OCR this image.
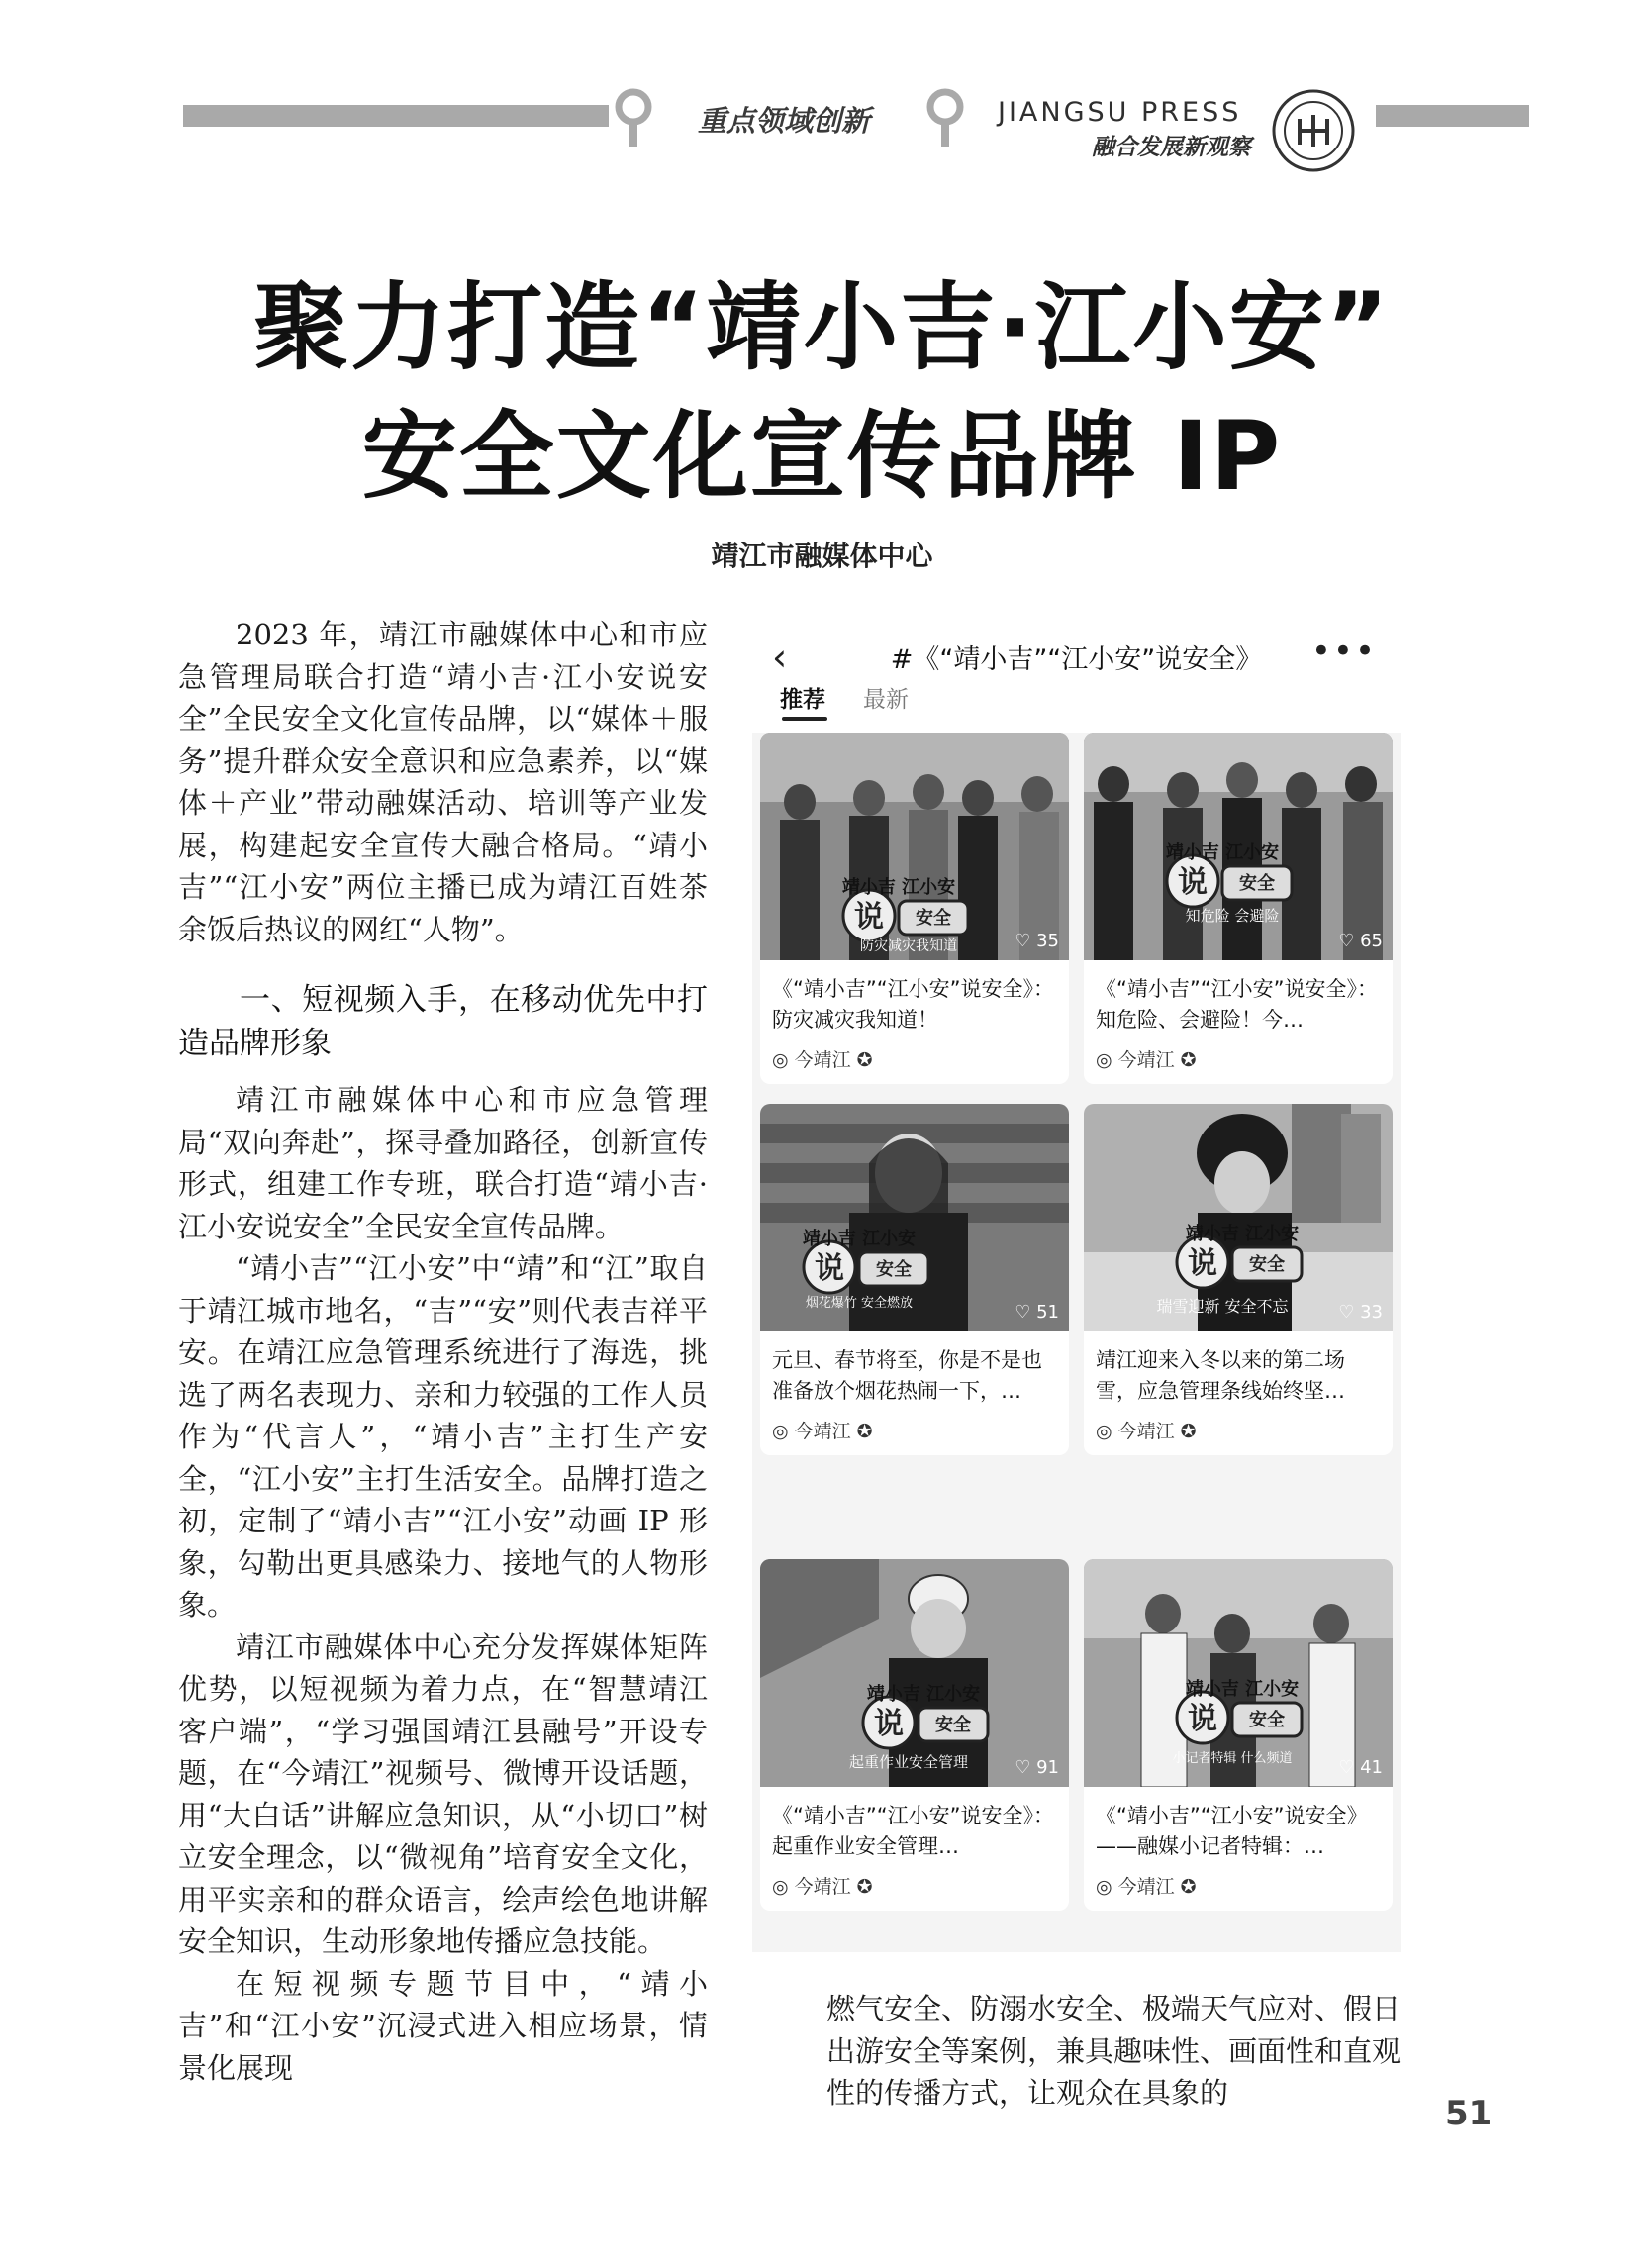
重点领域创新	JIANGSU PRESS
融合发展新观察
聚力打造“靖小吉·江小安”
安全文化宣传品牌 IP
靖江市融媒体中心

2023 年，靖江市融媒体中心和市应急管理局联合打造“靖小吉·江小安说安全”全民安全文化宣传品牌，以“媒体＋服务”提升群众安全意识和应急素养，以“媒体＋产业”带动融媒活动、培训等产业发展，构建起安全宣传大融合格局。“靖小吉”“江小安”两位主播已成为靖江百姓茶余饭后热议的网红“人物”。

一、短视频入手，在移动优先中打造品牌形象

靖江市融媒体中心和市应急管理局“双向奔赴”，探寻叠加路径，创新宣传形式，组建工作专班，联合打造“靖小吉·江小安说安全”全民安全宣传品牌。

“靖小吉”“江小安”中“靖”和“江”取自于靖江城市地名，“吉”“安”则代表吉祥平安。在靖江应急管理系统进行了海选，挑选了两名表现力、亲和力较强的工作人员作为“代言人”，“靖小吉”主打生产安全，“江小安”主打生活安全。品牌打造之初，定制了“靖小吉”“江小安”动画 IP 形象，勾勒出更具感染力、接地气的人物形象。

靖江市融媒体中心充分发挥媒体矩阵优势，以短视频为着力点，在“智慧靖江客户端”，“学习强国靖江县融号”开设专题，在“今靖江”视频号、微博开设话题，用“大白话”讲解应急知识，从“小切口”树立安全理念，以“微视角”培育安全文化，用平实亲和的群众语言，绘声绘色地讲解安全知识，生动形象地传播应急技能。

在短视频专题节目中，“靖小吉”和“江小安”沉浸式进入相应场景，情景化展现

‹	#《“靖小吉”“江小安”说安全》	•••
推荐 最新
说 安全
靖小吉 江小安
防灾减灾我知道	♡ 35
《“靖小吉”“江小安”说安全》：防灾减灾我知道！
◎ 今靖江 ✪
说 安全
靖小吉 江小安
知危险 会避险
♡ 65
《“靖小吉”“江小安”说安全》：知危险、会避险！今…
◎ 今靖江 ✪
说 安全
靖小吉 江小安
烟花爆竹 安全燃放	♡ 51
元旦、春节将至，你是不是也准备放个烟花热闹一下，…
◎ 今靖江 ✪
说 安全
靖小吉 江小安
瑞雪迎新 安全不忘	♡ 33
靖江迎来入冬以来的第二场雪，应急管理条线始终坚…
◎ 今靖江 ✪
说 安全
靖小吉 江小安
起重作业安全管理	♡ 91
《“靖小吉”“江小安”说安全》：起重作业安全管理…
◎ 今靖江 ✪
说 安全
靖小吉 江小安
小记者特辑 什么频道	♡ 41
《“靖小吉”“江小安”说安全》——融媒小记者特辑：…
◎ 今靖江 ✪

燃气安全、防溺水安全、极端天气应对、假日出游安全等案例，兼具趣味性、画面性和直观性的传播方式，让观众在具象的

51
